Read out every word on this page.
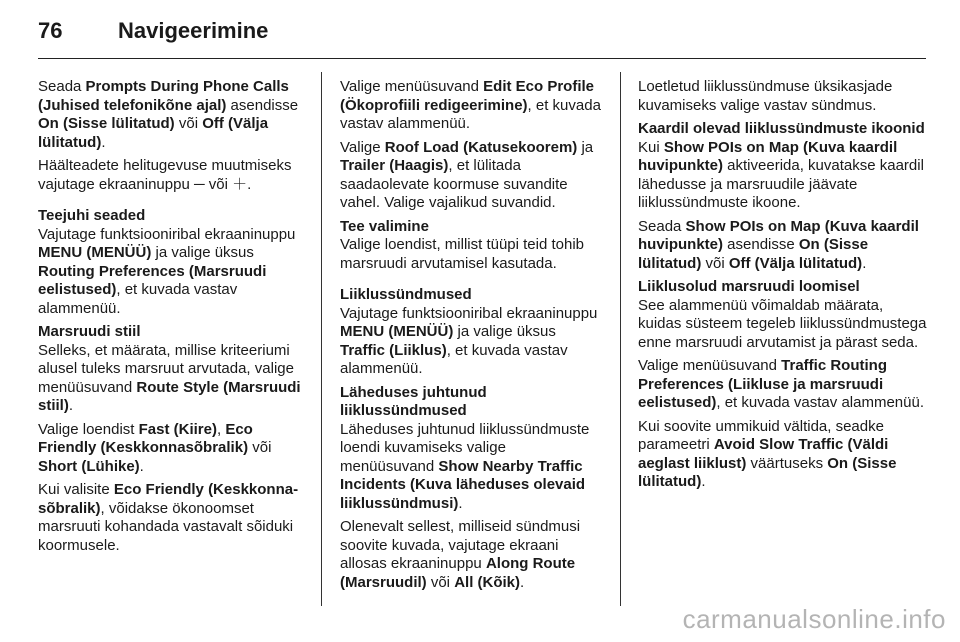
76	Navigeerimine

Seada Prompts During Phone Calls (Juhised telefonikõne ajal) asendisse On (Sisse lülitatud) või Off (Välja lülitatud).

Häälteadete helitugevuse muutmiseks vajutage ekraaninuppu ─ või ＋.

Teejuhi seaded

Vajutage funktsiooniribal ekraaninuppu MENU (MENÜÜ) ja valige üksus Routing Preferences (Marsruudi eelistused), et kuvada vastav alammenüü.

Marsruudi stiil

Selleks, et määrata, millise kriteeriumi alusel tuleks marsruut arvutada, valige menüüsuvand Route Style (Marsruudi stiil).

Valige loendist Fast (Kiire), Eco Friendly (Keskkonnasõbralik) või Short (Lühike).

Kui valisite Eco Friendly (Keskkonna-sõbralik), võidakse ökonoomset marsruuti kohandada vastavalt sõiduki koormusele.

Valige menüüsuvand Edit Eco Profile (Ökoprofiili redigeerimine), et kuvada vastav alammenüü.

Valige Roof Load (Katusekoorem) ja Trailer (Haagis), et lülitada saadaolevate koormuse suvandite vahel. Valige vajalikud suvandid.

Tee valimine

Valige loendist, millist tüüpi teid tohib marsruudi arvutamisel kasutada.

Liiklussündmused

Vajutage funktsiooniribal ekraaninuppu MENU (MENÜÜ) ja valige üksus Traffic (Liiklus), et kuvada vastav alammenüü.

Läheduses juhtunud liiklussündmused

Läheduses juhtunud liiklussündmuste loendi kuvamiseks valige menüüsuvand Show Nearby Traffic Incidents (Kuva läheduses olevaid liiklussündmusi).

Olenevalt sellest, milliseid sündmusi soovite kuvada, vajutage ekraani allosas ekraaninuppu Along Route (Marsruudil) või All (Kõik).

Loetletud liiklussündmuse üksikasjade kuvamiseks valige vastav sündmus.

Kaardil olevad liiklussündmuste ikoonid

Kui Show POIs on Map (Kuva kaardil huvipunkte) aktiveerida, kuvatakse kaardil lähedusse ja marsruudile jäävate liiklussündmuste ikoone.

Seada Show POIs on Map (Kuva kaardil huvipunkte) asendisse On (Sisse lülitatud) või Off (Välja lülitatud).

Liiklusolud marsruudi loomisel

See alammenüü võimaldab määrata, kuidas süsteem tegeleb liiklussündmustega enne marsruudi arvutamist ja pärast seda.

Valige menüüsuvand Traffic Routing Preferences (Liikluse ja marsruudi eelistused), et kuvada vastav alammenüü.

Kui soovite ummikuid vältida, seadke parameetri Avoid Slow Traffic (Väldi aeglast liiklust) väärtuseks On (Sisse lülitatud).

carmanualsonline.info
